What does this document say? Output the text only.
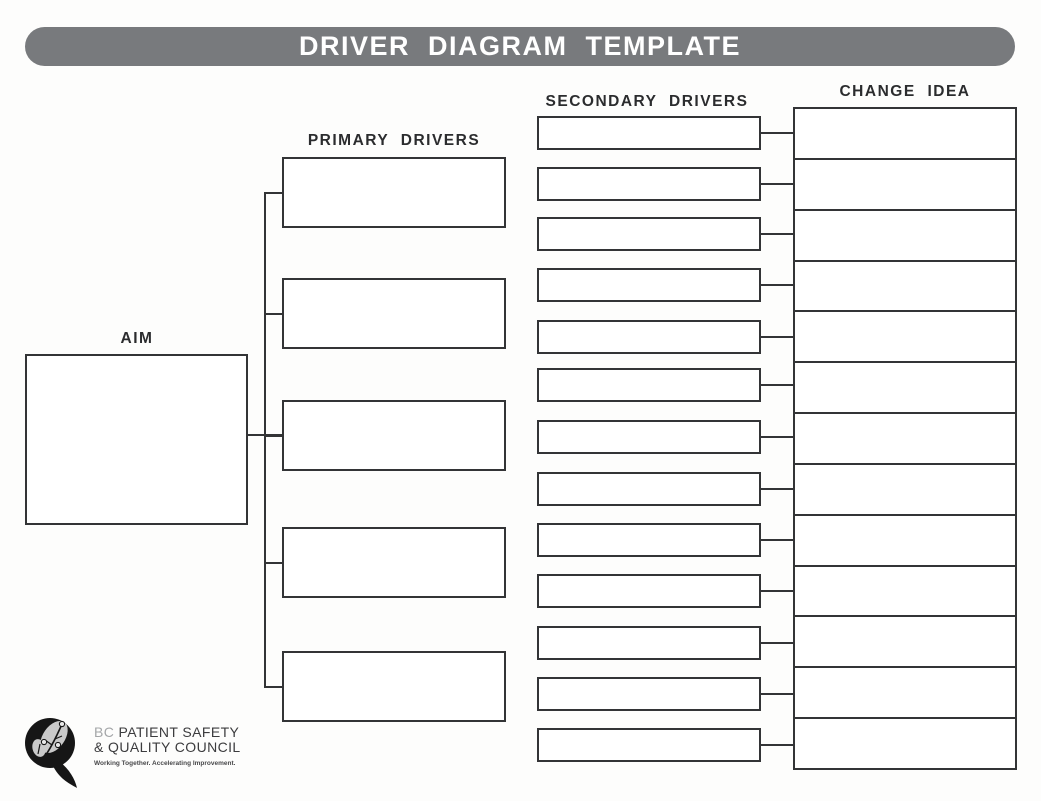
DRIVER DIAGRAM TEMPLATE
AIM
PRIMARY DRIVERS
SECONDARY DRIVERS
CHANGE IDEA
BC PATIENT SAFETY
& QUALITY COUNCIL
Working Together. Accelerating Improvement.
